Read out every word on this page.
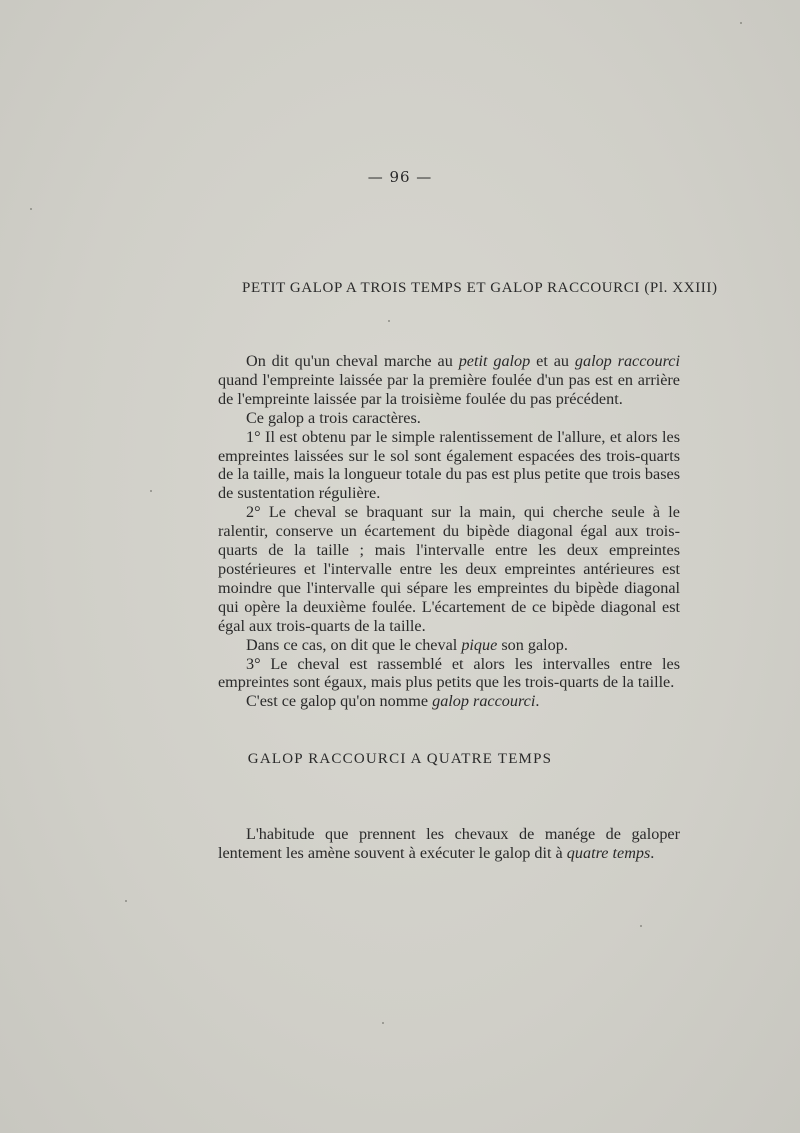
— 96 —
PETIT GALOP A TROIS TEMPS ET GALOP RACCOURCI (Pl. XXIII)

On dit qu'un cheval marche au petit galop et au galop raccourci quand l'empreinte laissée par la première foulée d'un pas est en arrière de l'empreinte laissée par la troisième foulée du pas précédent.

Ce galop a trois caractères.

1° Il est obtenu par le simple ralentissement de l'allure, et alors les empreintes laissées sur le sol sont également espacées des trois-quarts de la taille, mais la longueur totale du pas est plus petite que trois bases de sustentation régulière.

2° Le cheval se braquant sur la main, qui cherche seule à le ralentir, conserve un écartement du bipède diagonal égal aux trois-quarts de la taille ; mais l'intervalle entre les deux empreintes postérieures et l'intervalle entre les deux empreintes antérieures est moindre que l'intervalle qui sépare les empreintes du bipède diagonal qui opère la deuxième foulée. L'écartement de ce bipède diagonal est égal aux trois-quarts de la taille.

Dans ce cas, on dit que le cheval pique son galop.

3° Le cheval est rassemblé et alors les intervalles entre les empreintes sont égaux, mais plus petits que les trois-quarts de la taille.

C'est ce galop qu'on nomme galop raccourci.

GALOP RACCOURCI A QUATRE TEMPS

L'habitude que prennent les chevaux de manége de galoper lentement les amène souvent à exécuter le galop dit à quatre temps.
